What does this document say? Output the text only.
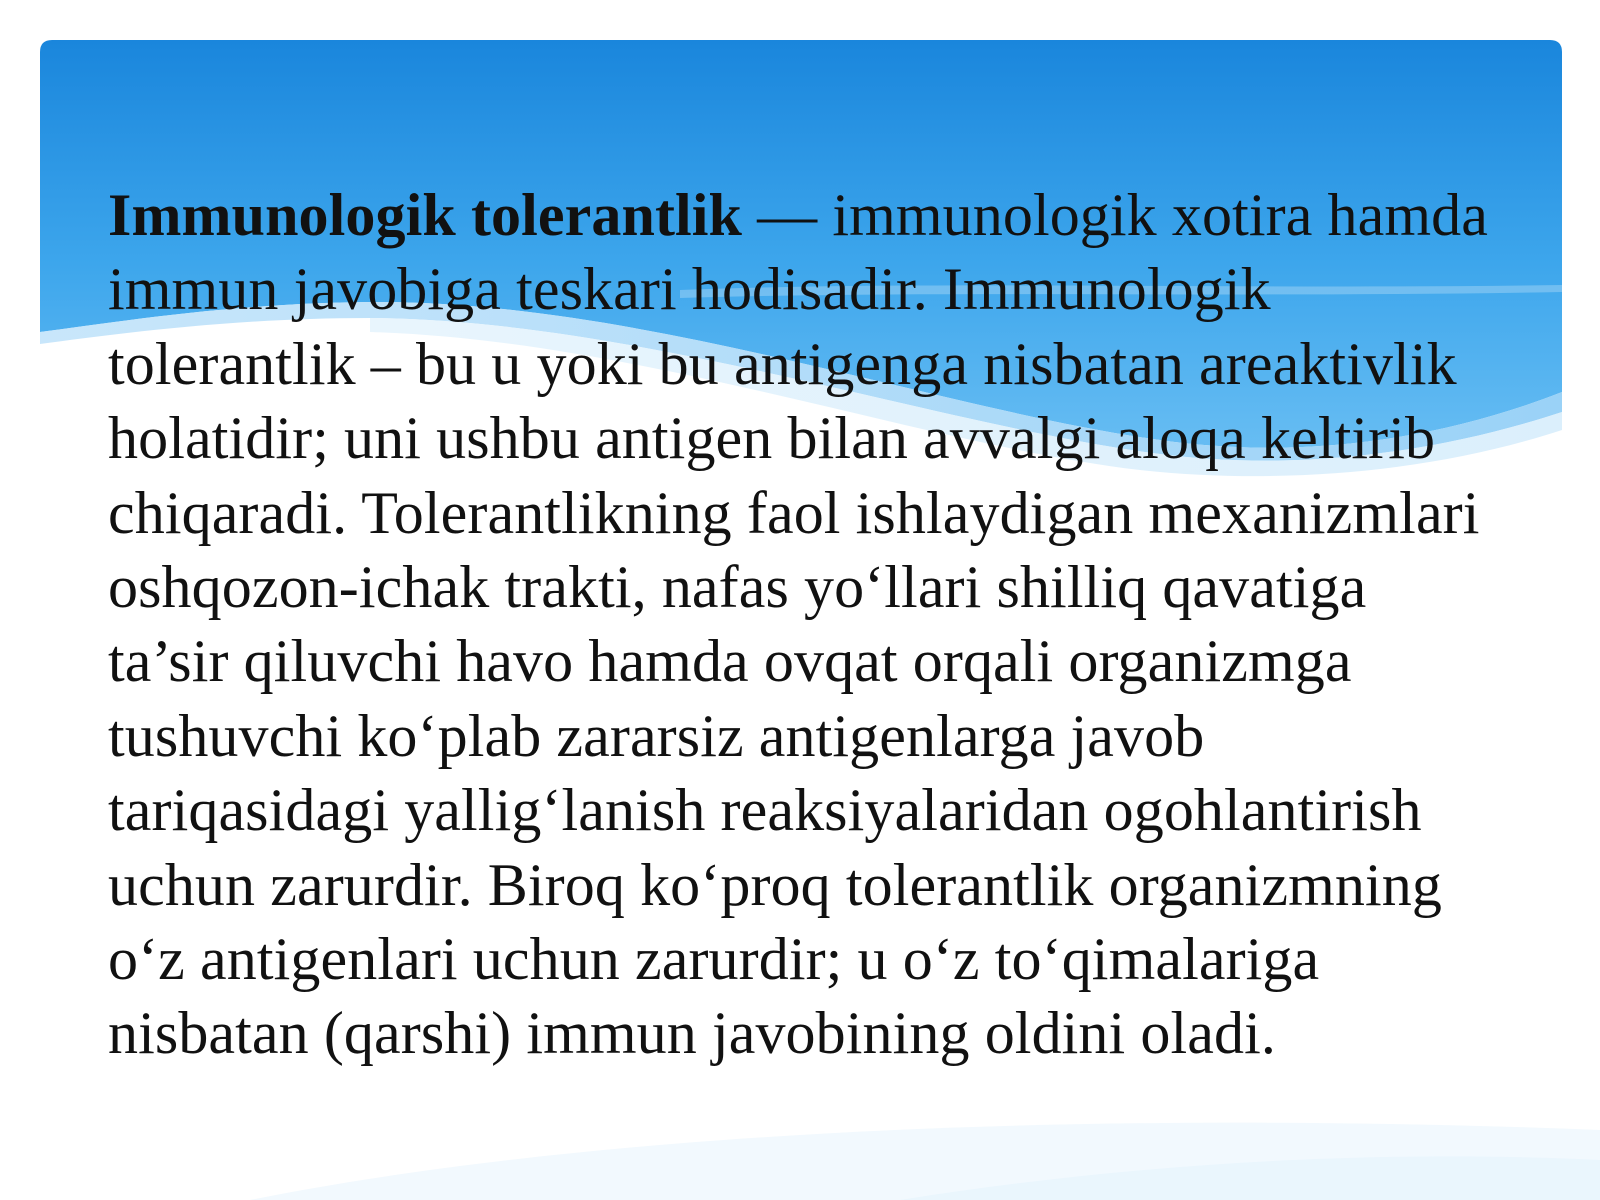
Immunologik tolerantlik — immunologik xotira hamda
immun javobiga teskari hodisadir. Immunologik
tolerantlik – bu u yoki bu antigenga nisbatan areaktivlik
holatidir; uni ushbu antigen bilan avvalgi aloqa keltirib
chiqaradi. Tolerantlikning faol ishlaydigan mexanizmlari
oshqozon-ichak trakti, nafas yo‘llari shilliq qavatiga
ta’sir qiluvchi havo hamda ovqat orqali organizmga
tushuvchi ko‘plab zararsiz antigenlarga javob
tariqasidagi yallig‘lanish reaksiyalaridan ogohlantirish
uchun zarurdir. Biroq ko‘proq tolerantlik organizmning
o‘z antigenlari uchun zarurdir; u o‘z to‘qimalariga
nisbatan (qarshi) immun javobining oldini oladi.
